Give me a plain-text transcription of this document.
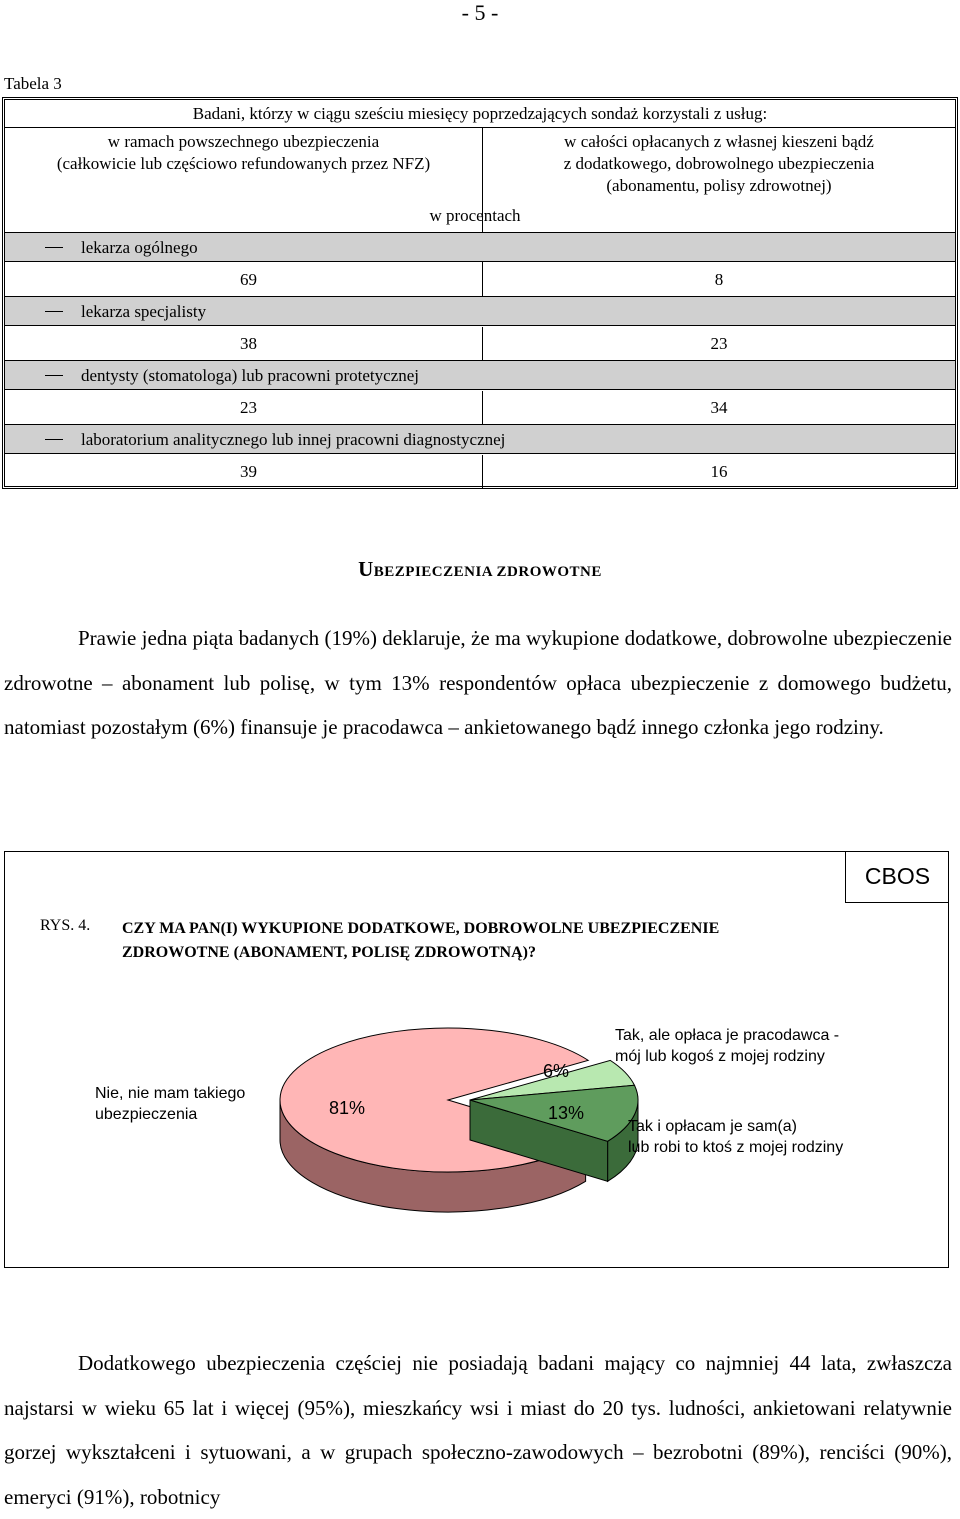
- 5 -
Tabela 3
Badani, którzy w ciągu sześciu miesięcy poprzedzających sondaż korzystali z usług:
w ramach powszechnego ubezpieczenia
(całkowicie lub częściowo refundowanych przez NFZ)
w całości opłacanych z własnej kieszeni bądź
z dodatkowego, dobrowolnego ubezpieczenia
(abonamentu, polisy zdrowotnej)
w procentach
lekarza ogólnego
69	8
lekarza specjalisty
38	23
dentysty (stomatologa) lub pracowni protetycznej
23	34
laboratorium analitycznego lub innej pracowni diagnostycznej
39	16
UBEZPIECZENIA ZDROWOTNE

Prawie jedna piąta badanych (19%) deklaruje, że ma wykupione dodatkowe, dobrowolne ubezpieczenie zdrowotne – abonament lub polisę, w tym 13% respondentów opłaca ubezpieczenie z domowego budżetu, natomiast pozostałym (6%) finansuje je pracodawca – ankietowanego bądź innego członka jego rodziny.

CBOS
RYS. 4. CZY MA PAN(I) WYKUPIONE DODATKOWE, DOBROWOLNE UBEZPIECZENIE
ZDROWOTNE (ABONAMENT, POLISĘ ZDROWOTNĄ)?
81%
6%
13%
Nie, nie mam takiego
ubezpieczenia
Tak, ale opłaca je pracodawca -
mój lub kogoś z mojej rodziny
Tak i opłacam je sam(a)
lub robi to ktoś z mojej rodziny

Dodatkowego ubezpieczenia częściej nie posiadają badani mający co najmniej 44 lata, zwłaszcza najstarsi w wieku 65 lat i więcej (95%), mieszkańcy wsi i miast do 20 tys. ludności, ankietowani relatywnie gorzej wykształceni i sytuowani, a w grupach społeczno-zawodowych – bezrobotni (89%), renciści (90%), emeryci (91%), robotnicy
